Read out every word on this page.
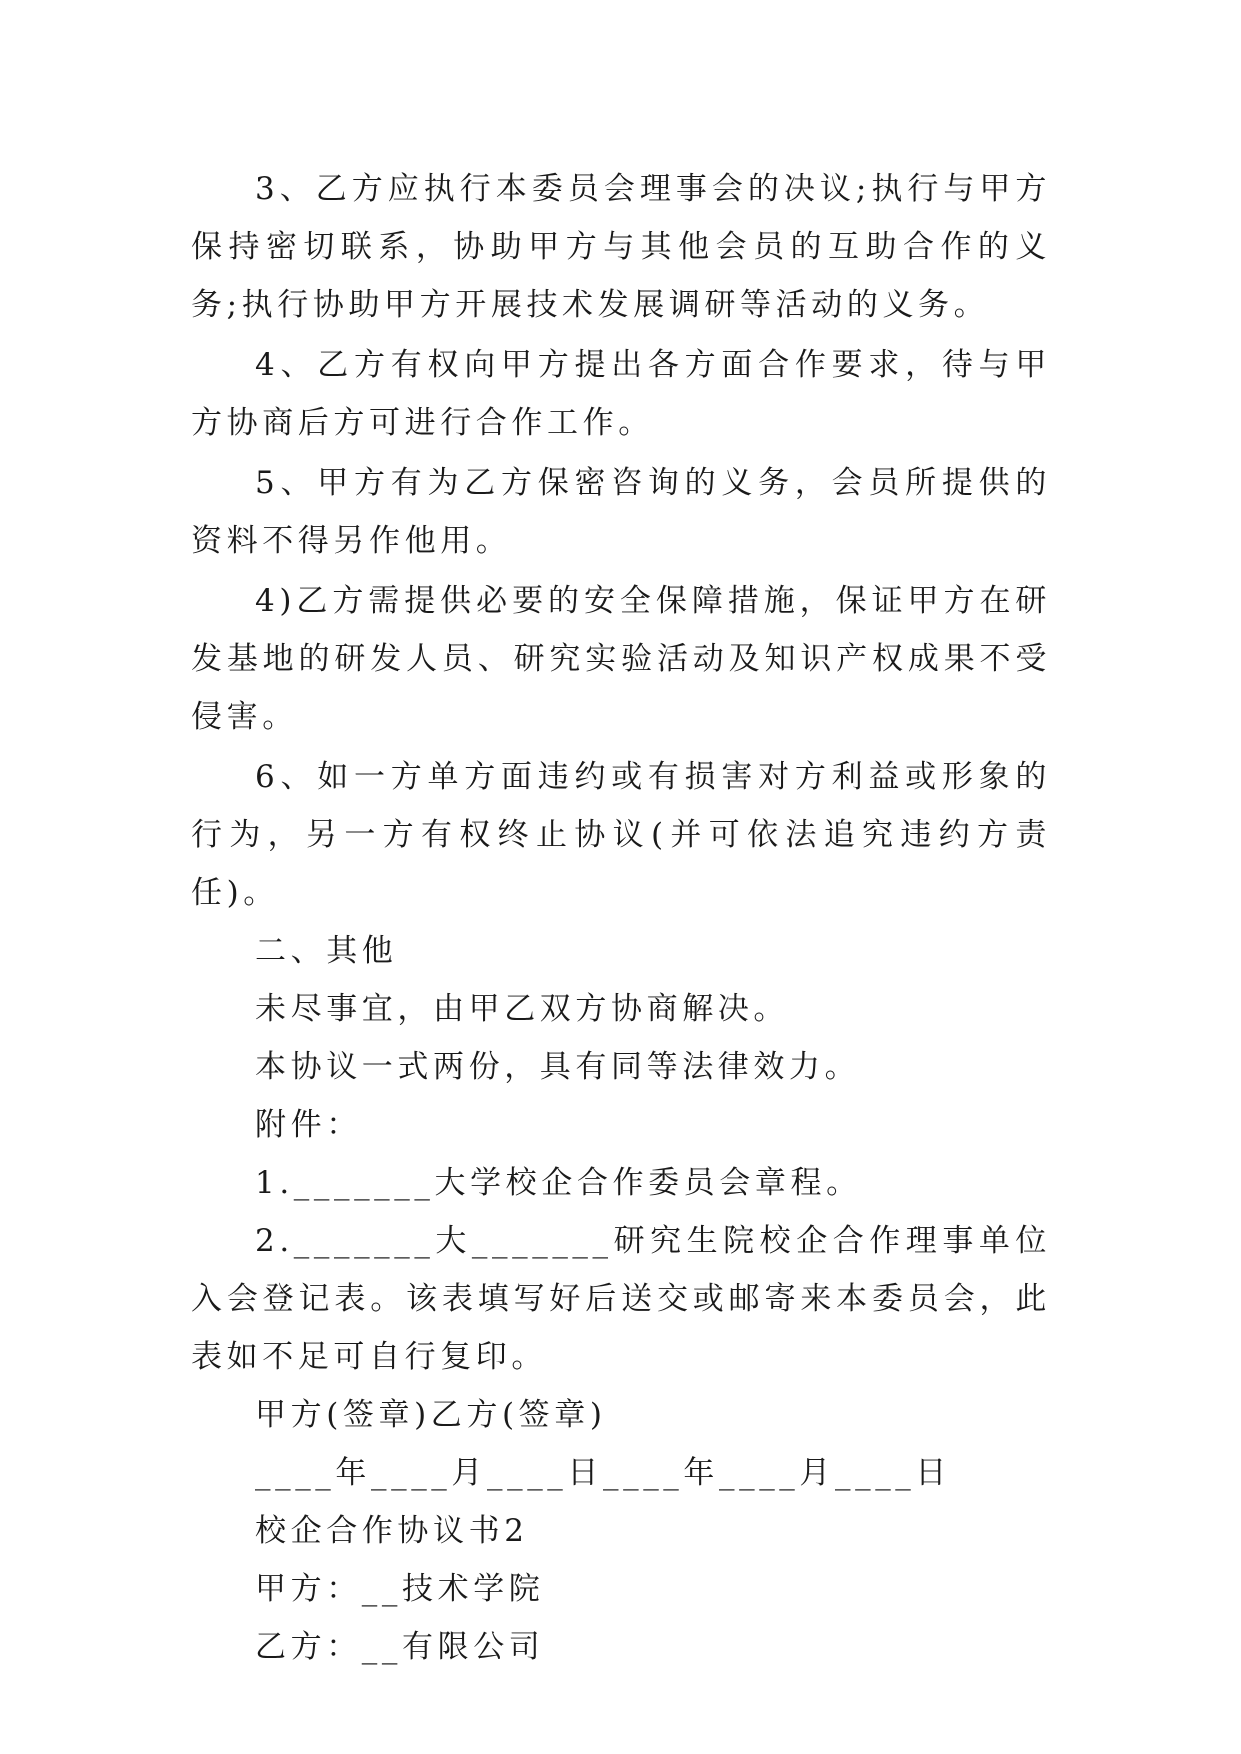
3、乙方应执行本委员会理事会的决议;执行与甲方保持密切联系，协助甲方与其他会员的互助合作的义务;执行协助甲方开展技术发展调研等活动的义务。

4、乙方有权向甲方提出各方面合作要求，待与甲方协商后方可进行合作工作。

5、甲方有为乙方保密咨询的义务，会员所提供的资料不得另作他用。

4)乙方需提供必要的安全保障措施，保证甲方在研发基地的研发人员、研究实验活动及知识产权成果不受侵害。

6、如一方单方面违约或有损害对方利益或形象的行为，另一方有权终止协议(并可依法追究违约方责任)。

二、其他

未尽事宜，由甲乙双方协商解决。

本协议一式两份，具有同等法律效力。

附件：

1._______大学校企合作委员会章程。

2._______大_______研究生院校企合作理事单位入会登记表。该表填写好后送交或邮寄来本委员会，此表如不足可自行复印。

甲方(签章)乙方(签章)

____年____月____日____年____月____日

校企合作协议书2

甲方：__技术学院

乙方：__有限公司
